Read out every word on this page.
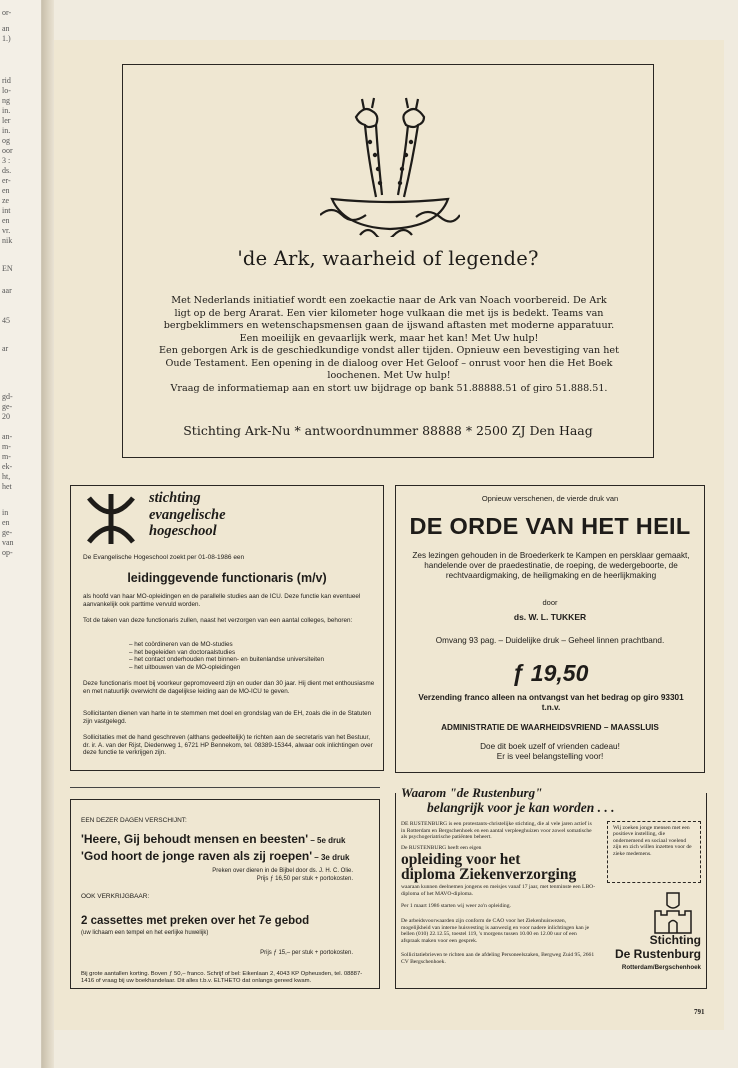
or-
an
1.)
rid
lo-
ng
in.
ler
in.
og
oor
3 :
ds.
er-
en
ze
int
en
vr.
nik
EN
aar
45
ar
gd-
ge-
20
an-
m-
m-
ek-
ht,
het
in
en
ge-
van
op-
'de Ark, waarheid of legende?
Met Nederlands initiatief wordt een zoekactie naar de Ark van Noach voorbereid. De Ark
ligt op de berg Ararat. Een vier kilometer hoge vulkaan die met ijs is bedekt. Teams van
bergbeklimmers en wetenschapsmensen gaan de ijswand aftasten met moderne apparatuur.
Een moeilijk en gevaarlijk werk, maar het kan! Met Uw hulp!
Een geborgen Ark is de geschiedkundige vondst aller tijden. Opnieuw een bevestiging van het
Oude Testament. Een opening in de dialoog over Het Geloof – onrust voor hen die Het Boek
loochenen. Met Uw hulp!
Vraag de informatiemap aan en stort uw bijdrage op bank 51.88888.51 of giro 51.888.51.
Stichting Ark-Nu * antwoordnummer 88888 * 2500 ZJ Den Haag
stichting
evangelische
hogeschool
De Evangelische Hogeschool zoekt per 01-08-1986 een
leidinggevende functionaris (m/v)
als hoofd van haar MO-opleidingen en de parallelle studies aan de ICU. Deze functie kan eventueel aanvankelijk ook parttime vervuld worden.
Tot de taken van deze functionaris zullen, naast het verzorgen van een aantal colleges, behoren:
– het coördineren van de MO-studies
– het begeleiden van doctoraalstudies
– het contact onderhouden met binnen- en buitenlandse universiteiten
– het uitbouwen van de MO-opleidingen
Deze functionaris moet bij voorkeur gepromoveerd zijn en ouder dan 30 jaar. Hij dient met enthousiasme en met natuurlijk overwicht de dagelijkse leiding aan de MO-ICU te geven.
Sollicitanten dienen van harte in te stemmen met doel en grondslag van de EH, zoals die in de Statuten zijn vastgelegd.
Sollicitaties met de hand geschreven (althans gedeeltelijk) te richten aan de secretaris van het Bestuur, dr. ir. A. van der Rijst, Diedenweg 1, 6721 HP Bennekom, tel. 08389-15344, alwaar ook inlichtingen over deze functie te verkrijgen zijn.
Opnieuw verschenen, de vierde druk van
DE ORDE VAN HET HEIL
Zes lezingen gehouden in de Broederkerk te Kampen en persklaar gemaakt, handelende over de praedestinatie, de roeping, de wedergeboorte, de rechtvaardigmaking, de heiligmaking en de heerlijkmaking
door
ds. W. L. TUKKER
Omvang 93 pag. – Duidelijke druk – Geheel linnen prachtband.
ƒ 19,50
Verzending franco alleen na ontvangst van het bedrag op giro 93301 t.n.v.
ADMINISTRATIE DE WAARHEIDSVRIEND – MAASSLUIS
Doe dit boek uzelf of vrienden cadeau!
Er is veel belangstelling voor!
EEN DEZER DAGEN VERSCHIJNT:
'Heere, Gij behoudt mensen en beesten' – 5e druk
'God hoort de jonge raven als zij roepen' – 3e druk
Preken over dieren in de Bijbel door ds. J. H. C. Olie.
Prijs ƒ 16,50 per stuk + portokosten.
OOK VERKRIJGBAAR:
2 cassettes met preken over het 7e gebod
(uw lichaam een tempel en het eerlijke huwelijk)
Prijs ƒ 15,– per stuk + portokosten.
Bij grote aantallen korting. Boven ƒ 50,– franco. Schrijf of bel: Eikenlaan 2, 4043 KP Opheusden, tel. 08887-1416 of vraag bij uw boekhandelaar. Dit alles t.b.v. ELTHETO dat onlangs gereed kwam.
Waarom "de Rustenburg"
belangrijk voor je kan worden . . .
DE RUSTENBURG is een protestants-christelijke stichting, die al vele jaren actief is in Rotterdam en Bergschenhoek en een aantal verpleeghuizen voor zowel somatische als psychogeriatrische patiënten beheert.
De RUSTENBURG heeft een eigen
opleiding voor het
diploma Ziekenverzorging
waaraan kunnen deelnemen jongens en meisjes vanaf 17 jaar, met tenminste een LBO-diploma of het MAVO-diploma.
Per 1 maart 1986 starten wij weer zo'n opleiding.
De arbeidsvoorwaarden zijn conform de CAO voor het Ziekenhuiswezen, mogelijkheid van interne huisvesting is aanwezig en voor nadere inlichtingen kan je bellen (010) 22.12.55, toestel 119, 's morgens tussen 10.00 en 12.00 uur of een afspraak maken voor een gesprek.
Sollicitatiebrieven te richten aan de afdeling Personeelszaken, Bergweg Zuid 95, 2661 CV Bergschenhoek.
Wij zoeken jonge mensen met een positieve instelling, die ondernemend en sociaal voelend zijn en zich willen inzetten voor de zieke medemens.
Stichting
De Rustenburg
Rotterdam/Bergschenhoek
791
